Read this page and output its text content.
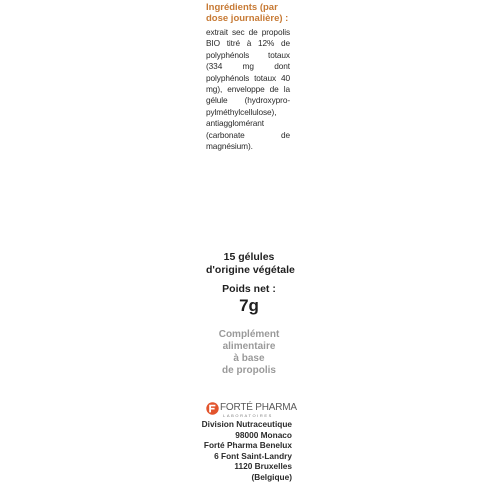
Ingrédients (par
dose journalière) :

extrait sec de propolis BIO titré à 12% de polyphénols totaux (334 mg dont polyphénols totaux 40 mg), enveloppe de la gélule (hydroxypro-pylméthylcellulose), antiagglomérant (carbonate de magnésium).

15 gélules
d'origine végétale
Poids net :
7g
Complément
alimentaire
à base
de propolis
FORTÉ PHARMA
LABORATOIRES
Division Nutraceutique
98000 Monaco
Forté Pharma Benelux
6 Font Saint-Landry
1120 Bruxelles
(Belgique)
